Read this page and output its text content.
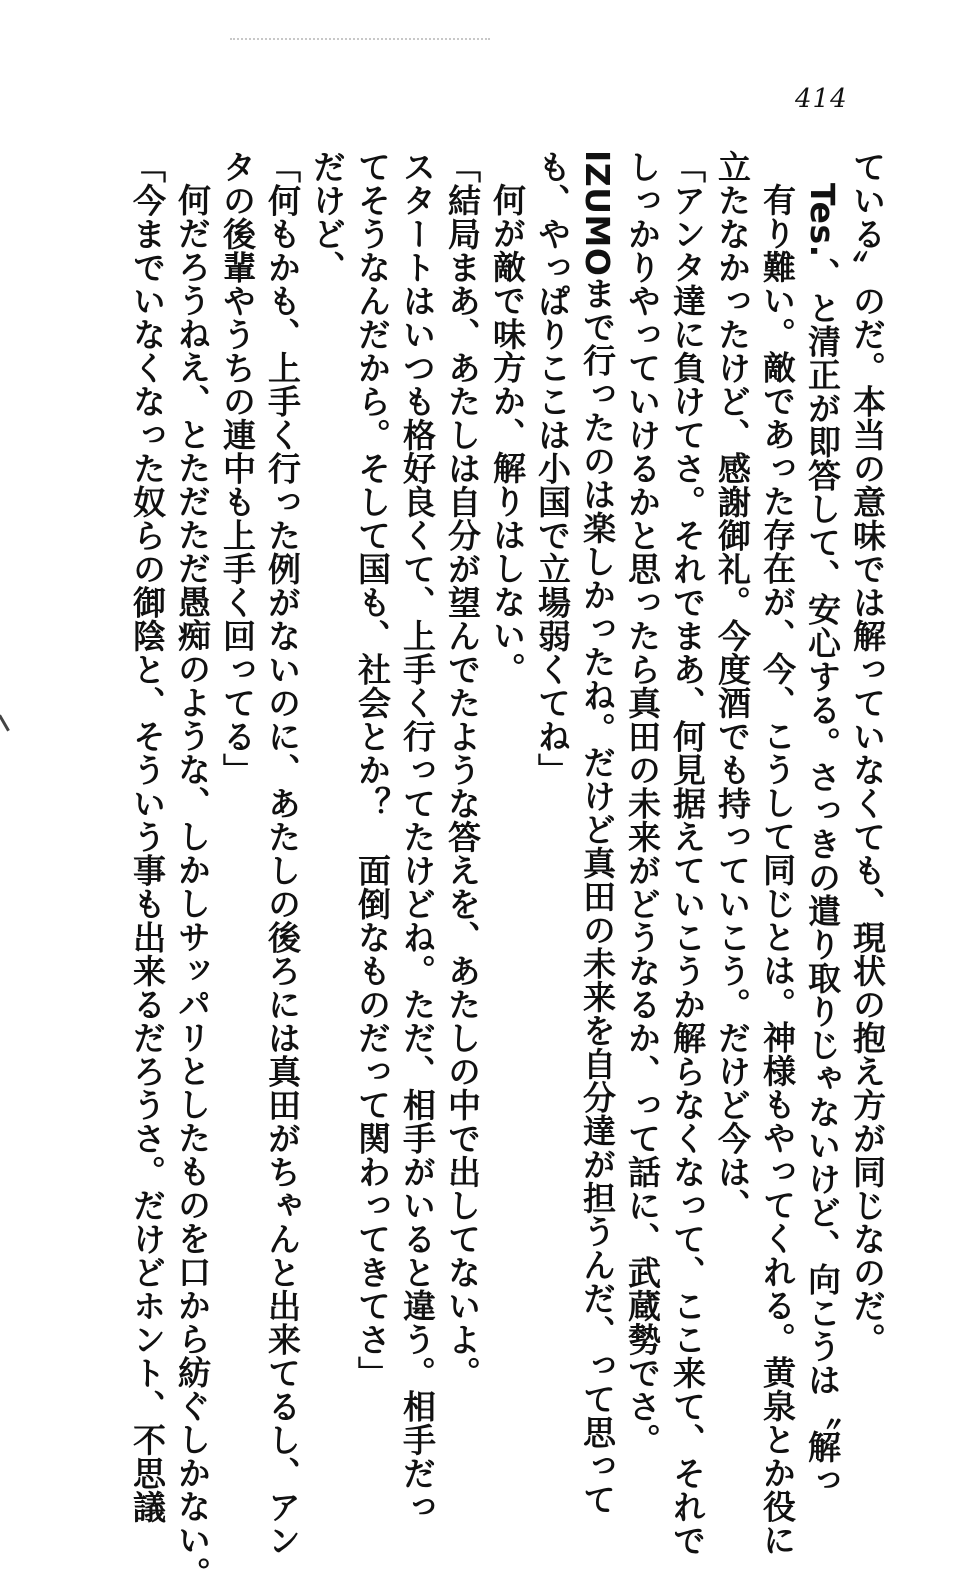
414

ている〟のだ。本当の意味では解っていなくても、現状の抱え方が同じなのだ。

Tes.、と清正が即答して、安心する。さっきの遣り取りじゃないけど、向こうは〝解っ

有り難い。敵であった存在が、今、こうして同じとは。神様もやってくれる。黄泉とか役に

立たなかったけど、感謝御礼。今度酒でも持っていこう。だけど今は、

「アンタ達に負けてさ。それでまあ、何見据えていこうか解らなくなって、ここ来て、それで

しっかりやっていけるかと思ったら真田の未来がどうなるか、って話に、武蔵勢でさ。

IZUMOまで行ったのは楽しかったね。だけど真田の未来を自分達が担うんだ、って思って

も、やっぱりここは小国で立場弱くてね」

何が敵で味方か、解りはしない。

「結局まあ、あたしは自分が望んでたような答えを、あたしの中で出してないよ。

スタートはいつも格好良くて、上手く行ってたけどね。ただ、相手がいると違う。相手だっ

てそうなんだから。そして国も、社会とか？　面倒なものだって関わってきてさ」

だけど、

「何もかも、上手く行った例がないのに、あたしの後ろには真田がちゃんと出来てるし、アン

タの後輩やうちの連中も上手く回ってる」

何だろうねえ、とただただ愚痴のような、しかしサッパリとしたものを口から紡ぐしかない。

「今までいなくなった奴らの御陰と、そういう事も出来るだろうさ。だけどホント、不思議
